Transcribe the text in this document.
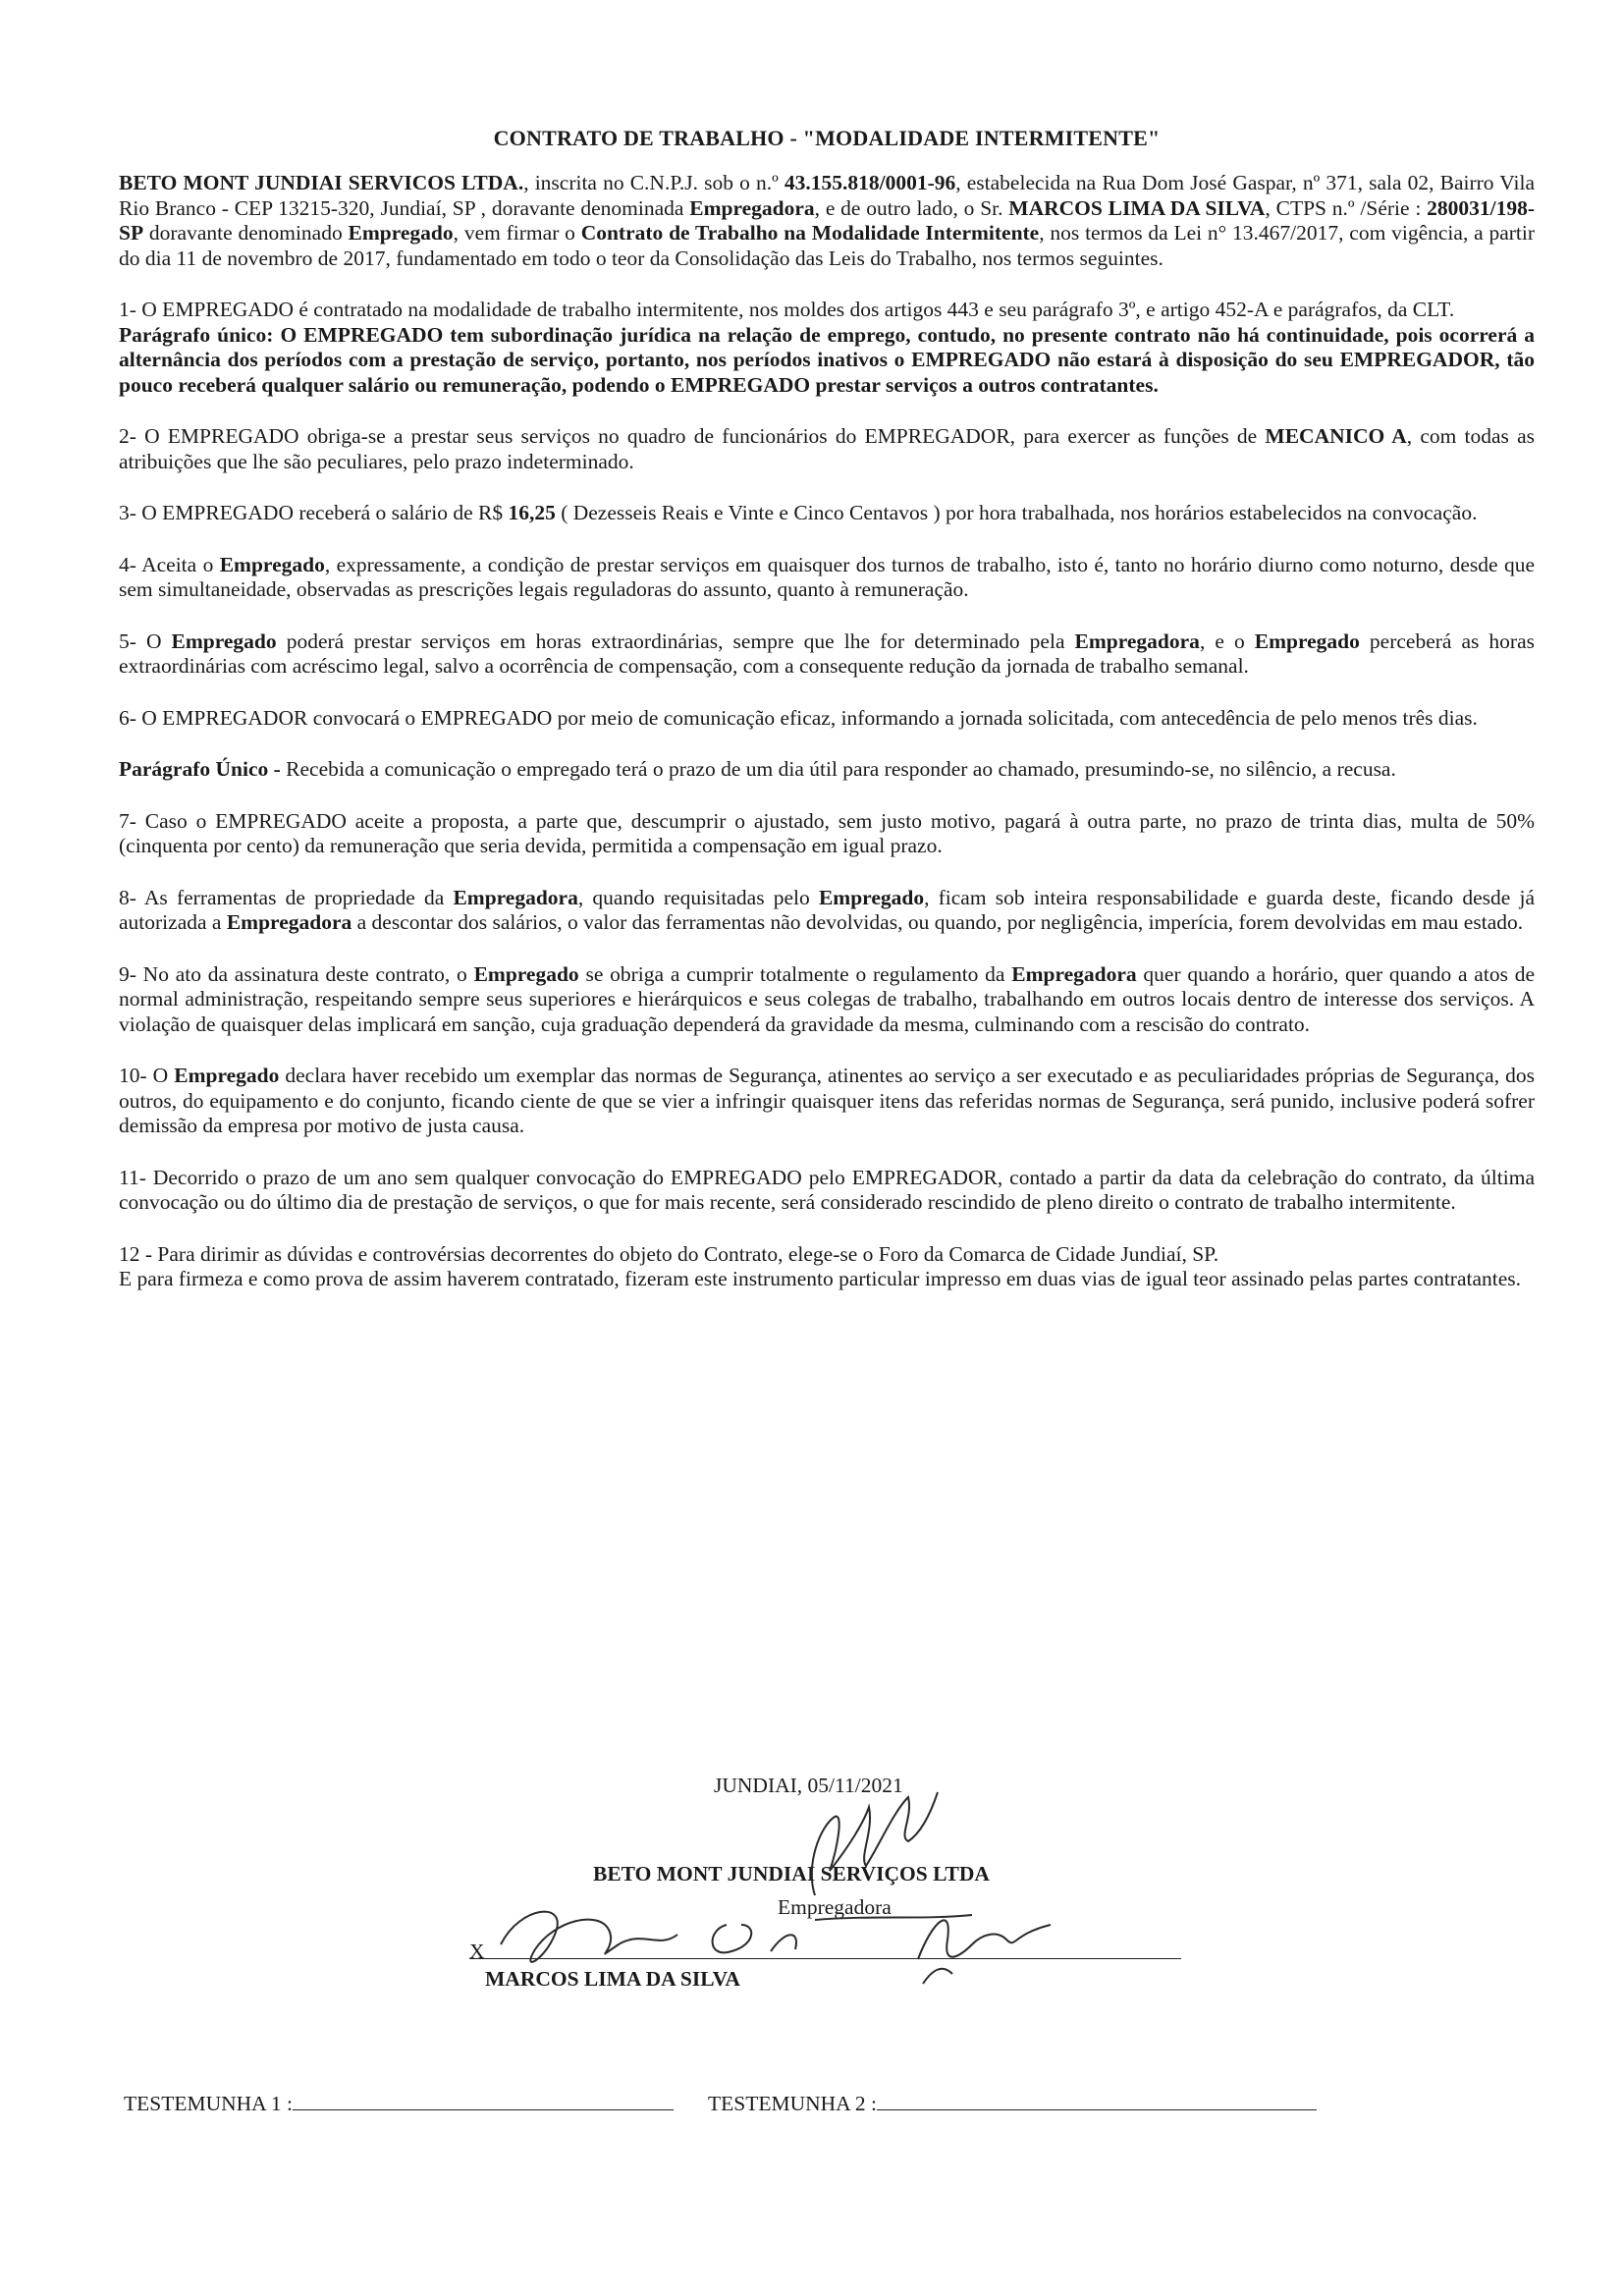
CONTRATO DE TRABALHO - "MODALIDADE INTERMITENTE"

BETO MONT JUNDIAI SERVICOS LTDA., inscrita no C.N.P.J. sob o n.º 43.155.818/0001-96, estabelecida na Rua Dom José Gaspar, nº 371, sala 02, Bairro Vila Rio Branco - CEP 13215-320, Jundiaí, SP , doravante denominada Empregadora, e de outro lado, o Sr. MARCOS LIMA DA SILVA, CTPS n.º /Série : 280031/198-SP doravante denominado Empregado, vem firmar o Contrato de Trabalho na Modalidade Intermitente, nos termos da Lei n° 13.467/2017, com vigência, a partir do dia 11 de novembro de 2017, fundamentado em todo o teor da Consolidação das Leis do Trabalho, nos termos seguintes.

1- O EMPREGADO é contratado na modalidade de trabalho intermitente, nos moldes dos artigos 443 e seu parágrafo 3º, e artigo 452-A e parágrafos, da CLT.

Parágrafo único: O EMPREGADO tem subordinação jurídica na relação de emprego, contudo, no presente contrato não há continuidade, pois ocorrerá a alternância dos períodos com a prestação de serviço, portanto, nos períodos inativos o EMPREGADO não estará à disposição do seu EMPREGADOR, tão pouco receberá qualquer salário ou remuneração, podendo o EMPREGADO prestar serviços a outros contratantes.

2- O EMPREGADO obriga-se a prestar seus serviços no quadro de funcionários do EMPREGADOR, para exercer as funções de MECANICO A, com todas as atribuições que lhe são peculiares, pelo prazo indeterminado.

3- O EMPREGADO receberá o salário de R$ 16,25 ( Dezesseis Reais e Vinte e Cinco Centavos ) por hora trabalhada, nos horários estabelecidos na convocação.

4- Aceita o Empregado, expressamente, a condição de prestar serviços em quaisquer dos turnos de trabalho, isto é, tanto no horário diurno como noturno, desde que sem simultaneidade, observadas as prescrições legais reguladoras do assunto, quanto à remuneração.

5- O Empregado poderá prestar serviços em horas extraordinárias, sempre que lhe for determinado pela Empregadora, e o Empregado perceberá as horas extraordinárias com acréscimo legal, salvo a ocorrência de compensação, com a consequente redução da jornada de trabalho semanal.

6- O EMPREGADOR convocará o EMPREGADO por meio de comunicação eficaz, informando a jornada solicitada, com antecedência de pelo menos três dias.

Parágrafo Único - Recebida a comunicação o empregado terá o prazo de um dia útil para responder ao chamado, presumindo-se, no silêncio, a recusa.

7- Caso o EMPREGADO aceite a proposta, a parte que, descumprir o ajustado, sem justo motivo, pagará à outra parte, no prazo de trinta dias, multa de 50% (cinquenta por cento) da remuneração que seria devida, permitida a compensação em igual prazo.

8- As ferramentas de propriedade da Empregadora, quando requisitadas pelo Empregado, ficam sob inteira responsabilidade e guarda deste, ficando desde já autorizada a Empregadora a descontar dos salários, o valor das ferramentas não devolvidas, ou quando, por negligência, imperícia, forem devolvidas em mau estado.

9- No ato da assinatura deste contrato, o Empregado se obriga a cumprir totalmente o regulamento da Empregadora quer quando a horário, quer quando a atos de normal administração, respeitando sempre seus superiores e hierárquicos e seus colegas de trabalho, trabalhando em outros locais dentro de interesse dos serviços. A violação de quaisquer delas implicará em sanção, cuja graduação dependerá da gravidade da mesma, culminando com a rescisão do contrato.

10- O Empregado declara haver recebido um exemplar das normas de Segurança, atinentes ao serviço a ser executado e as peculiaridades próprias de Segurança, dos outros, do equipamento e do conjunto, ficando ciente de que se vier a infringir quaisquer itens das referidas normas de Segurança, será punido, inclusive poderá sofrer demissão da empresa por motivo de justa causa.

11- Decorrido o prazo de um ano sem qualquer convocação do EMPREGADO pelo EMPREGADOR, contado a partir da data da celebração do contrato, da última convocação ou do último dia de prestação de serviços, o que for mais recente, será considerado rescindido de pleno direito o contrato de trabalho intermitente.

12 - Para dirimir as dúvidas e controvérsias decorrentes do objeto do Contrato, elege-se o Foro da Comarca de Cidade Jundiaí, SP.

E para firmeza e como prova de assim haverem contratado, fizeram este instrumento particular impresso em duas vias de igual teor assinado pelas partes contratantes.

JUNDIAI, 05/11/2021
BETO MONT JUNDIAI SERVIÇOS LTDA
Empregadora
X
MARCOS LIMA DA SILVA
TESTEMUNHA 1 :	TESTEMUNHA 2 :
